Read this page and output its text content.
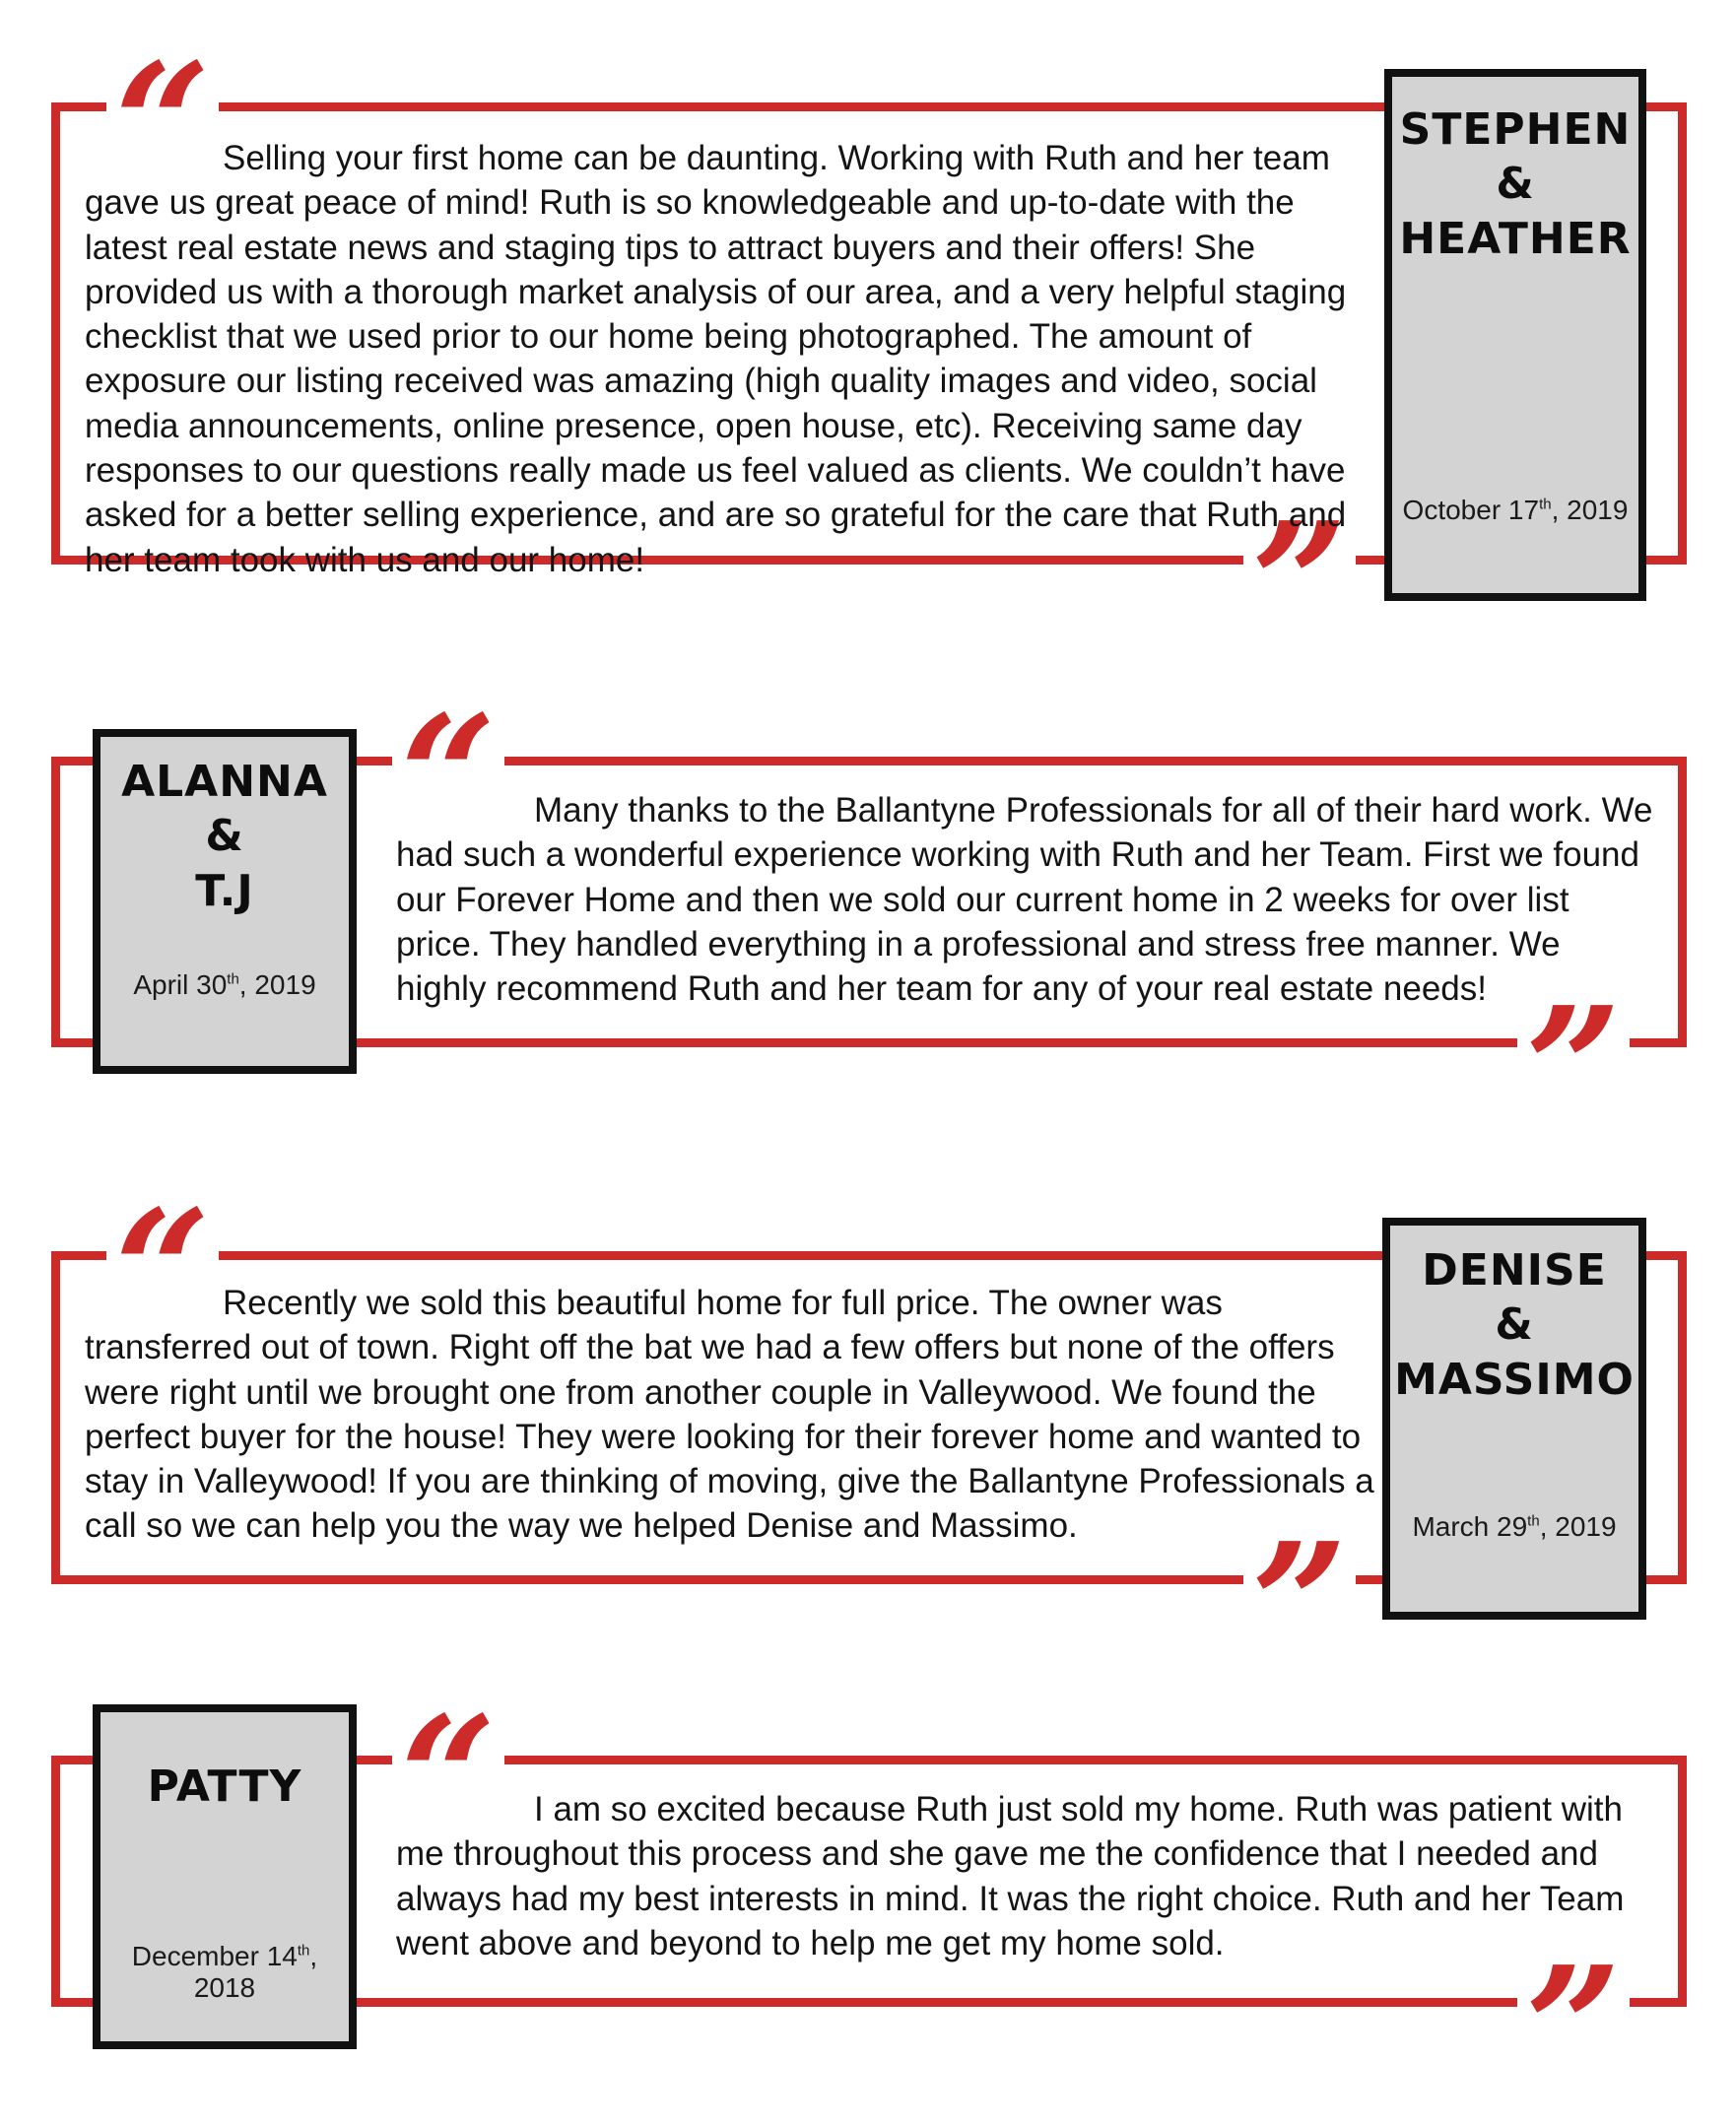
“
”

Selling your first home can be daunting. Working with Ruth and her team gave us great peace of mind! Ruth is so knowledgeable and up-to-date with the latest real estate news and staging tips to attract buyers and their offers! She provided us with a thorough market analysis of our area, and a very helpful staging checklist that we used prior to our home being photographed. The amount of exposure our listing received was amazing (high quality images and video, social media announcements, online presence, open house, etc). Receiving same day responses to our questions really made us feel valued as clients. We couldn’t have asked for a better selling experience, and are so grateful for the care that Ruth and her team took with us and our home!

STEPHEN
&
HEATHER
October 17th, 2019
“
”

Many thanks to the Ballantyne Professionals for all of their hard work. We had such a wonderful experience working with Ruth and her Team. First we found our Forever Home and then we sold our current home in 2 weeks for over list price. They handled everything in a professional and stress free manner. We highly recommend Ruth and her team for any of your real estate needs!

ALANNA
&
T.J
April 30th, 2019
“
”

Recently we sold this beautiful home for full price. The owner was transferred out of town. Right off the bat we had a few offers but none of the offers were right until we brought one from another couple in Valleywood. We found the perfect buyer for the house! They were looking for their forever home and wanted to stay in Valleywood! If you are thinking of moving, give the Ballantyne Professionals a call so we can help you the way we helped Denise and Massimo.

DENISE
&
MASSIMO
March 29th, 2019
“
”

I am so excited because Ruth just sold my home. Ruth was patient with me throughout this process and she gave me the confidence that I needed and always had my best interests in mind. It was the right choice. Ruth and her Team went above and beyond to help me get my home sold.

PATTY
December 14th, 2018
